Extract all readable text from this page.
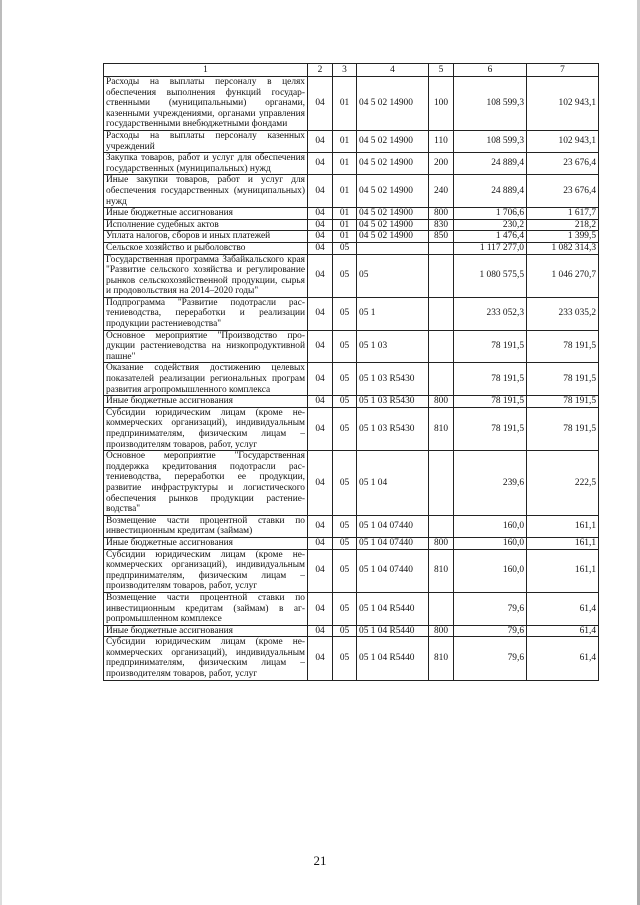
1	2	3	4	5	6	7
Расходы на выплаты персоналу в целях обеспечения выполнения функций государственными (муниципальными) органами, казенными учреждениями, органами управления государственными внебюджетными фондами	04	01	04 5 02 14900	100	108 599,3	102 943,1
Расходы на выплаты персоналу казенных учреждений	04	01	04 5 02 14900	110	108 599,3	102 943,1
Закупка товаров, работ и услуг для обеспечения государственных (муниципальных) нужд	04	01	04 5 02 14900	200	24 889,4	23 676,4
Иные закупки товаров, работ и услуг для обеспечения государственных (муниципальных) нужд	04	01	04 5 02 14900	240	24 889,4	23 676,4
Иные бюджетные ассигнования	04	01	04 5 02 14900	800	1 706,6	1 617,7
Исполнение судебных актов	04	01	04 5 02 14900	830	230,2	218,2
Уплата налогов, сборов и иных платежей	04	01	04 5 02 14900	850	1 476,4	1 399,5
Сельское хозяйство и рыболовство	04	05			1 117 277,0	1 082 314,3
Государственная программа Забайкальского края "Развитие сельского хозяйства и регулирование рынков сельскохозяйственной продукции, сырья и продовольствия на 2014–2020 годы"	04	05	05		1 080 575,5	1 046 270,7
Подпрограмма "Развитие подотрасли растениеводства, переработки и реализации продукции растениеводства"	04	05	05 1		233 052,3	233 035,2
Основное мероприятие "Производство продукции растениеводства на низкопродуктивной пашне"	04	05	05 1 03		78 191,5	78 191,5
Оказание содействия достижению целевых показателей реализации региональных програм развития агропромышленного комплекса	04	05	05 1 03 R5430		78 191,5	78 191,5
Иные бюджетные ассигнования	04	05	05 1 03 R5430	800	78 191,5	78 191,5
Субсидии юридическим лицам (кроме некоммерческих организаций), индивидуальным предпринимателям, физическим лицам – производителям товаров, работ, услуг	04	05	05 1 03 R5430	810	78 191,5	78 191,5
Основное мероприятие "Государственная поддержка кредитования подотрасли растениеводства, переработки ее продукции, развитие инфраструктуры и логистического обеспечения рынков продукции растениеводства"	04	05	05 1 04		239,6	222,5
Возмещение части процентной ставки по инвестиционным кредитам (займам)	04	05	05 1 04 07440		160,0	161,1
Иные бюджетные ассигнования	04	05	05 1 04 07440	800	160,0	161,1
Субсидии юридическим лицам (кроме некоммерческих организаций), индивидуальным предпринимателям, физическим лицам – производителям товаров, работ, услуг	04	05	05 1 04 07440	810	160,0	161,1
Возмещение части процентной ставки по инвестиционным кредитам (займам) в агропромышленном комплексе	04	05	05 1 04 R5440		79,6	61,4
Иные бюджетные ассигнования	04	05	05 1 04 R5440	800	79,6	61,4
Субсидии юридическим лицам (кроме некоммерческих организаций), индивидуальным предпринимателям, физическим лицам – производителям товаров, работ, услуг	04	05	05 1 04 R5440	810	79,6	61,4
21
